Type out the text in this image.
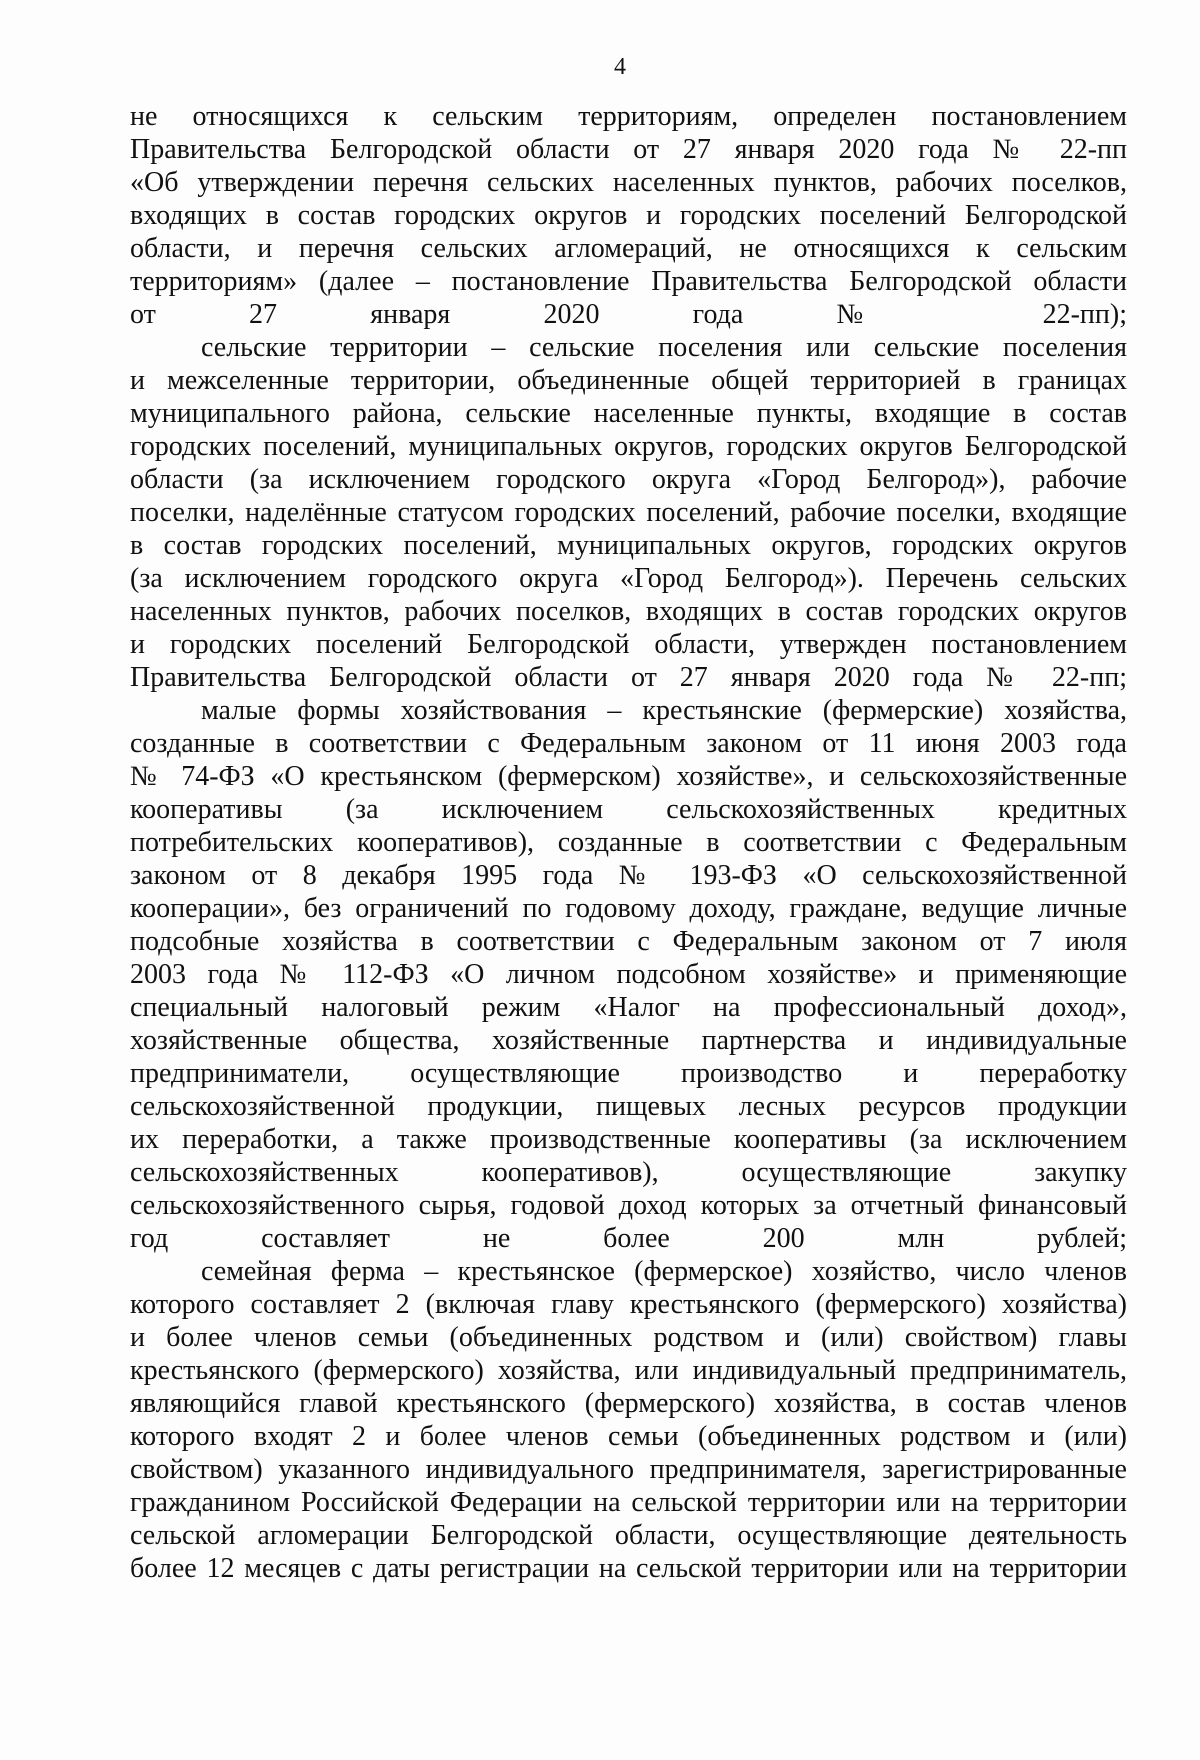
4

не относящихся к сельским территориям, определен постановлением
Правительства Белгородской области от 27 января 2020 года № 22-пп
«Об утверждении перечня сельских населенных пунктов, рабочих поселков,
входящих в состав городских округов и городских поселений Белгородской
области, и перечня сельских агломераций, не относящихся к сельским
территориям» (далее – постановление Правительства Белгородской области
от 27 января 2020 года № 22-пп);

сельские территории – сельские поселения или сельские поселения
и межселенные территории, объединенные общей территорией в границах
муниципального района, сельские населенные пункты, входящие в состав
городских поселений, муниципальных округов, городских округов Белгородской
области (за исключением городского округа «Город Белгород»), рабочие
поселки, наделённые статусом городских поселений, рабочие поселки, входящие
в состав городских поселений, муниципальных округов, городских округов
(за исключением городского округа «Город Белгород»). Перечень сельских
населенных пунктов, рабочих поселков, входящих в состав городских округов
и городских поселений Белгородской области, утвержден постановлением
Правительства Белгородской области от 27 января 2020 года № 22-пп;

малые формы хозяйствования – крестьянские (фермерские) хозяйства,
созданные в соответствии с Федеральным законом от 11 июня 2003 года
№ 74-ФЗ «О крестьянском (фермерском) хозяйстве», и сельскохозяйственные
кооперативы (за исключением сельскохозяйственных кредитных
потребительских кооперативов), созданные в соответствии с Федеральным
законом от 8 декабря 1995 года № 193-ФЗ «О сельскохозяйственной
кооперации», без ограничений по годовому доходу, граждане, ведущие личные
подсобные хозяйства в соответствии с Федеральным законом от 7 июля
2003 года № 112-ФЗ «О личном подсобном хозяйстве» и применяющие
специальный налоговый режим «Налог на профессиональный доход»,
хозяйственные общества, хозяйственные партнерства и индивидуальные
предприниматели, осуществляющие производство и переработку
сельскохозяйственной продукции, пищевых лесных ресурсов продукции
их переработки, а также производственные кооперативы (за исключением
сельскохозяйственных кооперативов), осуществляющие закупку
сельскохозяйственного сырья, годовой доход которых за отчетный финансовый
год составляет не более 200 млн рублей;

семейная ферма – крестьянское (фермерское) хозяйство, число членов
которого составляет 2 (включая главу крестьянского (фермерского) хозяйства)
и более членов семьи (объединенных родством и (или) свойством) главы
крестьянского (фермерского) хозяйства, или индивидуальный предприниматель,
являющийся главой крестьянского (фермерского) хозяйства, в состав членов
которого входят 2 и более членов семьи (объединенных родством и (или)
свойством) указанного индивидуального предпринимателя, зарегистрированные
гражданином Российской Федерации на сельской территории или на территории
сельской агломерации Белгородской области, осуществляющие деятельность
более 12 месяцев с даты регистрации на сельской территории или на территории
